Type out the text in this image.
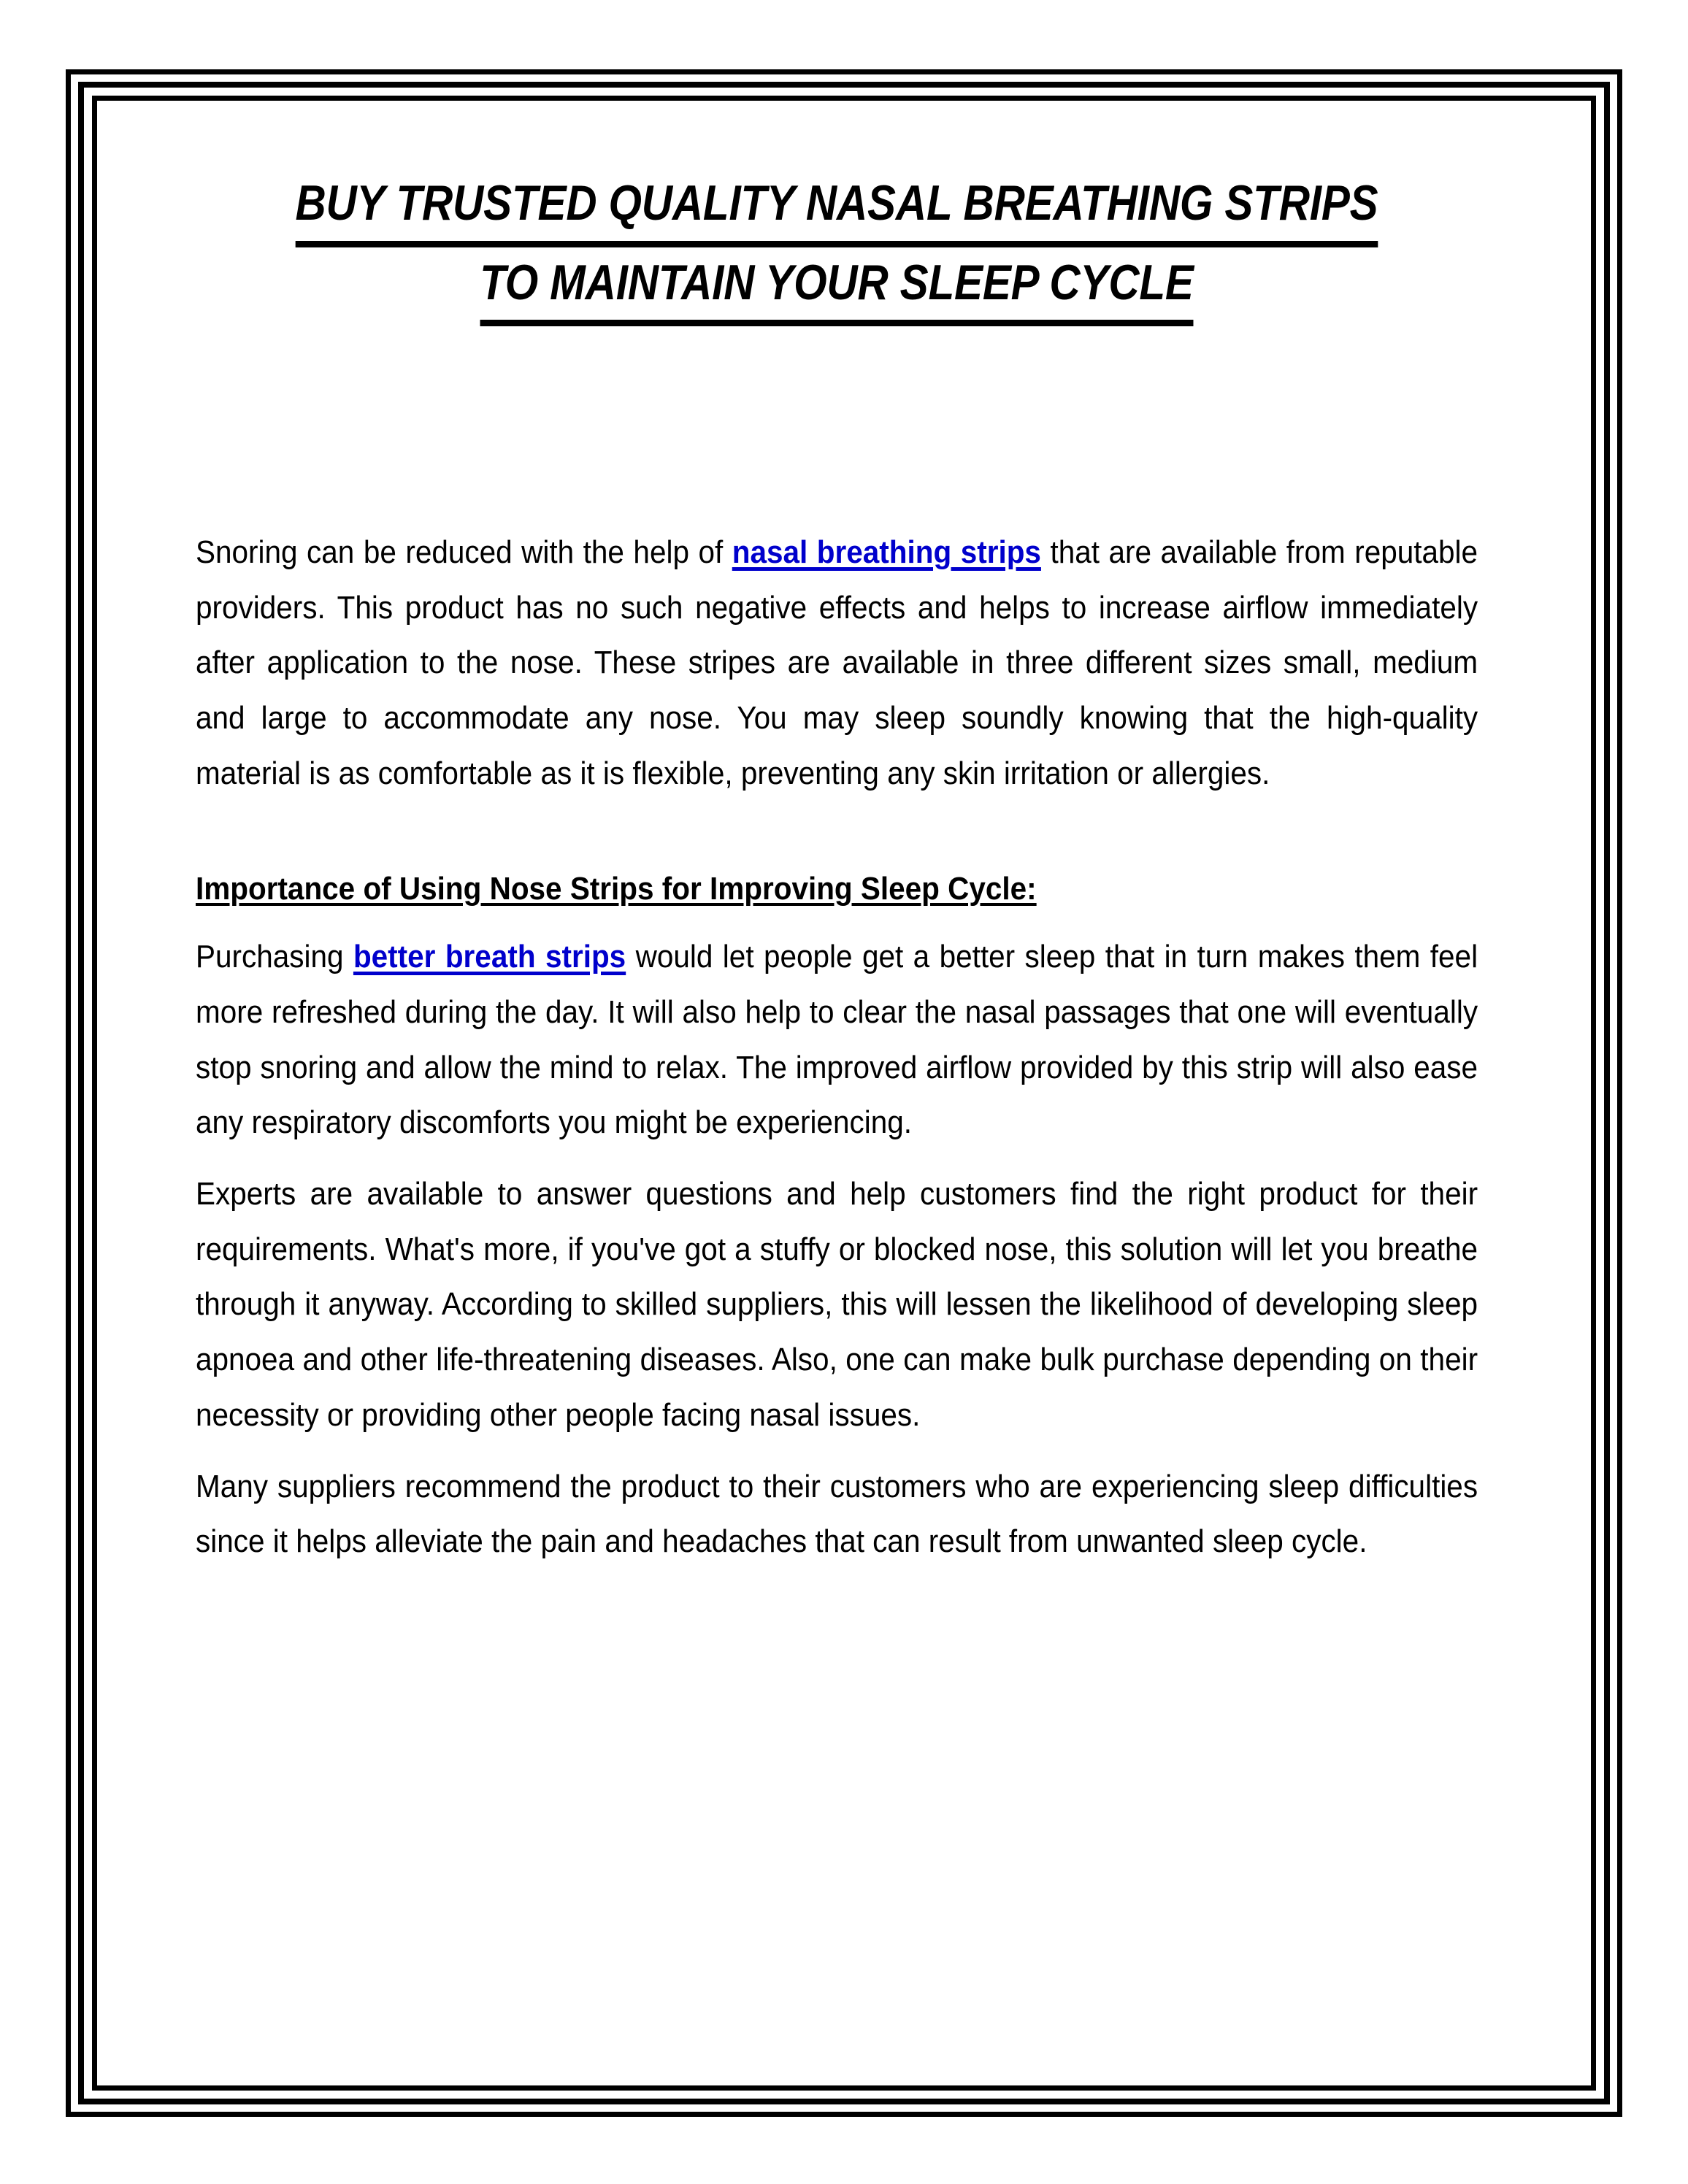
BUY TRUSTED QUALITY NASAL BREATHING STRIPS
TO MAINTAIN YOUR SLEEP CYCLE

Snoring can be reduced with the help of nasal breathing strips that are available from reputable providers. This product has no such negative effects and helps to increase airflow immediately after application to the nose. These stripes are available in three different sizes small, medium and large to accommodate any nose. You may sleep soundly knowing that the high-quality material is as comfortable as it is flexible, preventing any skin irritation or allergies.

Importance of Using Nose Strips for Improving Sleep Cycle:

Purchasing better breath strips would let people get a better sleep that in turn makes them feel more refreshed during the day. It will also help to clear the nasal passages that one will eventually stop snoring and allow the mind to relax. The improved airflow provided by this strip will also ease any respiratory discomforts you might be experiencing.

Experts are available to answer questions and help customers find the right product for their requirements. What's more, if you've got a stuffy or blocked nose, this solution will let you breathe through it anyway. According to skilled suppliers, this will lessen the likelihood of developing sleep apnoea and other life-threatening diseases. Also, one can make bulk purchase depending on their necessity or providing other people facing nasal issues.

Many suppliers recommend the product to their customers who are experiencing sleep difficulties since it helps alleviate the pain and headaches that can result from unwanted sleep cycle.
